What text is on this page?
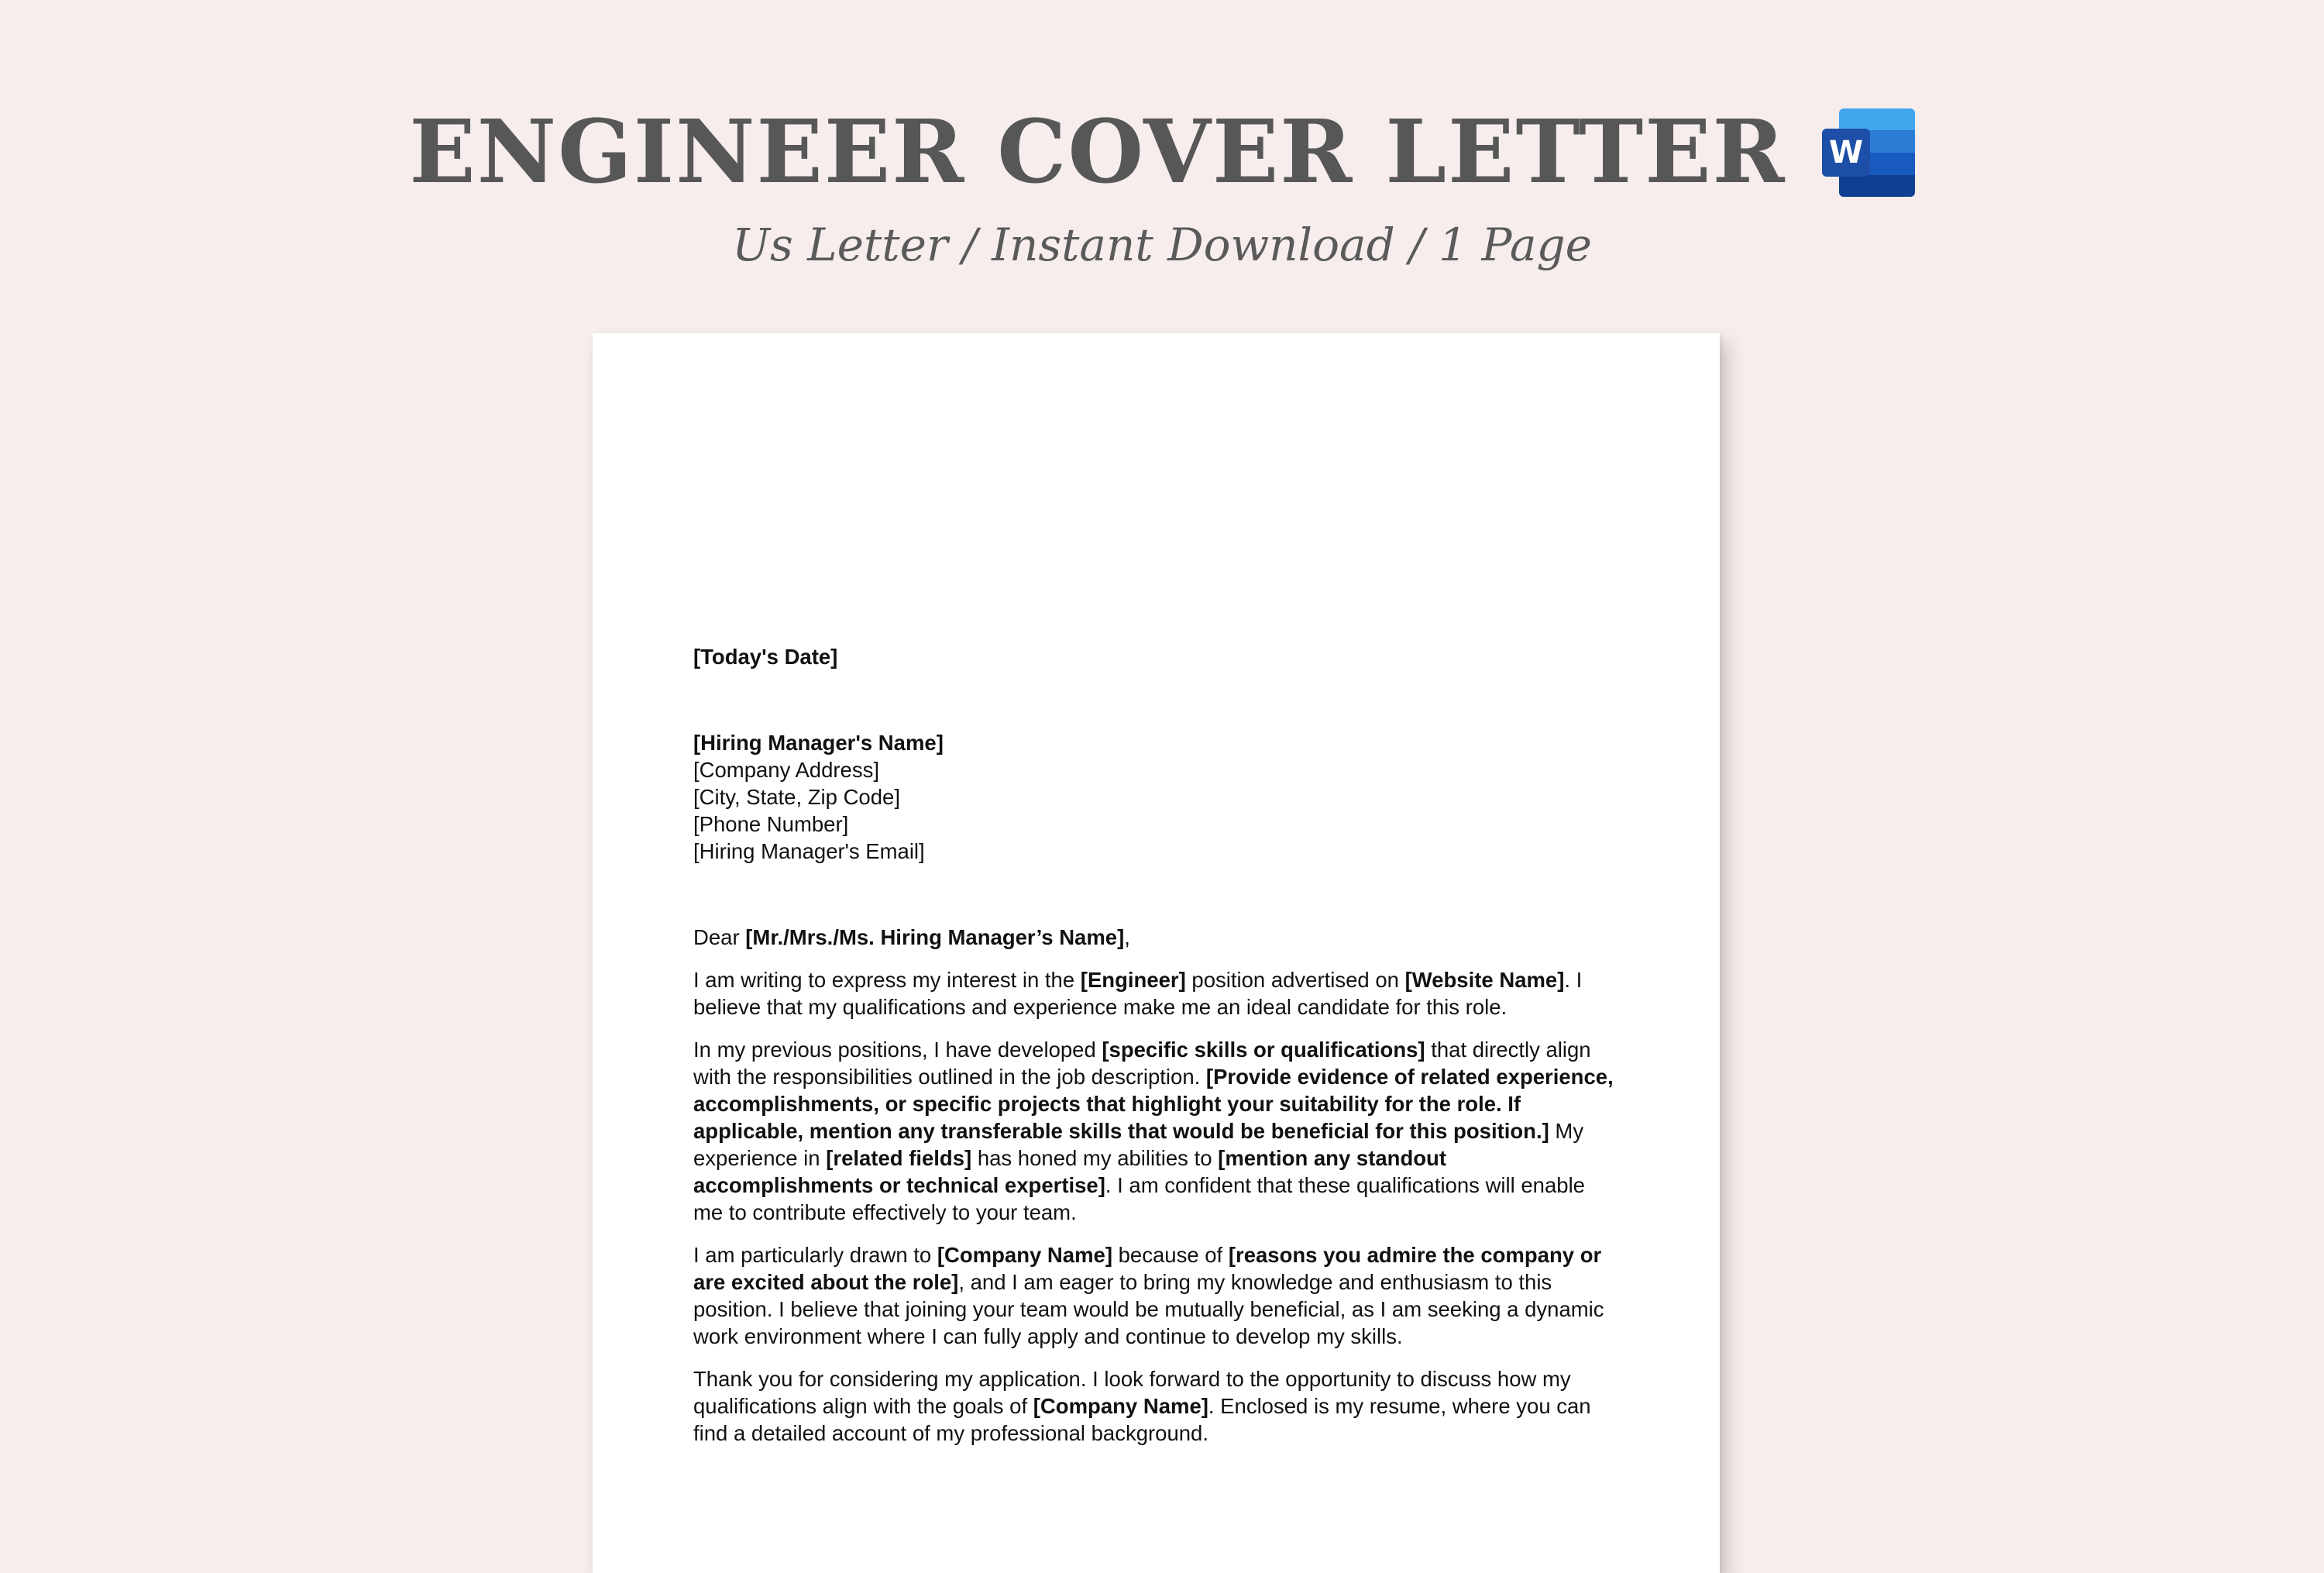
ENGINEER COVER LETTER W
Us Letter / Instant Download / 1 Page

[Today's Date]

[Hiring Manager's Name]
[Company Address]
[City, State, Zip Code]
[Phone Number]
[Hiring Manager's Email]

Dear [Mr./Mrs./Ms. Hiring Manager’s Name],

I am writing to express my interest in the [Engineer] position advertised on [Website Name]. I believe that my qualifications and experience make me an ideal candidate for this role.

In my previous positions, I have developed [specific skills or qualifications] that directly align with the responsibilities outlined in the job description. [Provide evidence of related experience, accomplishments, or specific projects that highlight your suitability for the role. If applicable, mention any transferable skills that would be beneficial for this position.] My experience in [related fields] has honed my abilities to [mention any standout accomplishments or technical expertise]. I am confident that these qualifications will enable me to contribute effectively to your team.

I am particularly drawn to [Company Name] because of [reasons you admire the company or are excited about the role], and I am eager to bring my knowledge and enthusiasm to this position. I believe that joining your team would be mutually beneficial, as I am seeking a dynamic work environment where I can fully apply and continue to develop my skills.

Thank you for considering my application. I look forward to the opportunity to discuss how my qualifications align with the goals of [Company Name]. Enclosed is my resume, where you can find a detailed account of my professional background.
